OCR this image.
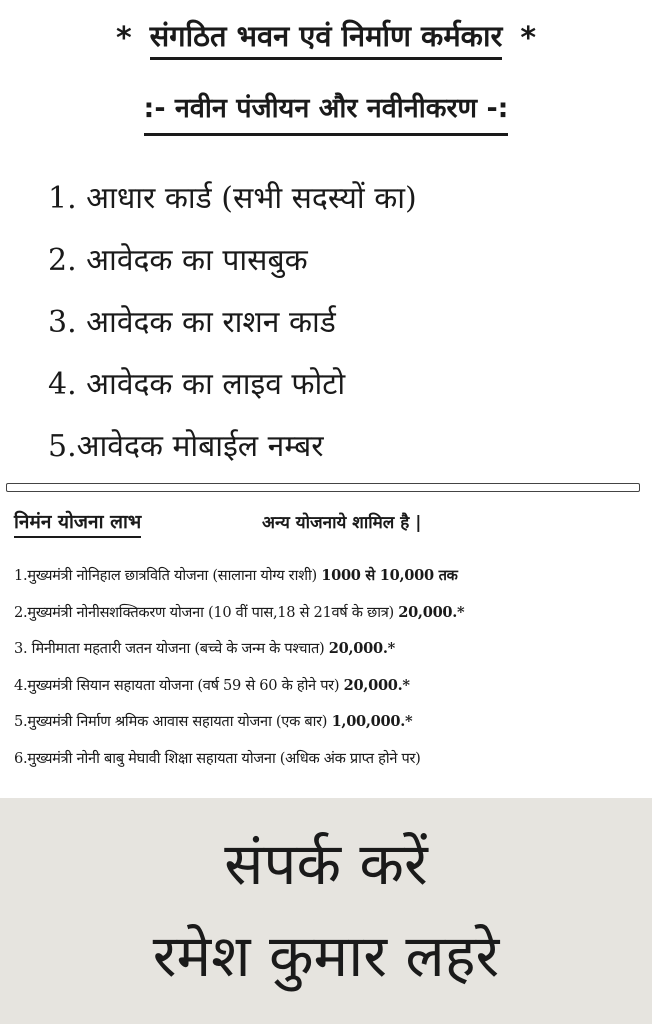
* संगठित भवन एवं निर्माण कर्मकार *
:- नवीन पंजीयन और नवीनीकरण -:
1. आधार कार्ड (सभी सदस्यों का)
2. आवेदक का पासबुक
3. आवेदक का राशन कार्ड
4. आवेदक का लाइव फोटो
5.आवेदक मोबाईल नम्बर
निमंन योजना लाभ	अन्य योजनाये शामिल है |
1.मुख्यमंत्री नोनिहाल छात्रविति योजना (सालाना योग्य राशी) 1000 से 10,000 तक
2.मुख्यमंत्री नोनीसशक्तिकरण योजना (10 वीं पास,18 से 21वर्ष के छात्र) 20,000.*
3. मिनीमाता महतारी जतन योजना (बच्चे के जन्म के पश्चात) 20,000.*
4.मुख्यमंत्री सियान सहायता योजना (वर्ष 59 से 60 के होने पर) 20,000.*
5.मुख्यमंत्री निर्माण श्रमिक आवास सहायता योजना (एक बार) 1,00,000.*
6.मुख्यमंत्री नोनी बाबु मेघावी शिक्षा सहायता योजना (अधिक अंक प्राप्त होने पर)
संपर्क करें
रमेश कुमार लहरे
